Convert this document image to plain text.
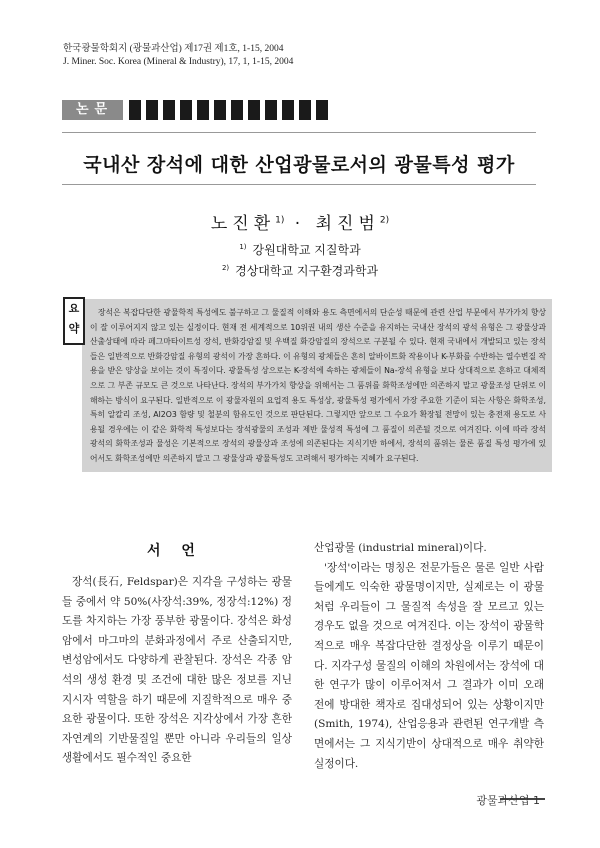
한국광물학회지 (광물과산업) 제17권 제1호, 1-15, 2004
J. Miner. Soc. Korea (Mineral & Industry), 17, 1, 1-15, 2004
논문
국내산 장석에 대한 산업광물로서의 광물특성 평가
노진환$^{1)}$ · 최진범$^{2)}$
$^{1)}$ 강원대학교 지질학과
$^{2)}$ 경상대학교 지구환경과학과
요약
장석은 복잡다단한 광물학적 특성에도 불구하고 그 물질적 이해와 용도 측면에서의 단순성 때문에 관련 산업 부문에서 부가가치 향상이 잘 이루어지지 않고 있는 실정이다. 현재 전 세계적으로 10위권 내의 생산 수준을 유지하는 국내산 장석의 광석 유형은 그 광물상과 산출상태에 따라 페그마타이트성 장석, 반화강암질 및 우백질 화강암질의 장석으로 구분될 수 있다. 현재 국내에서 개발되고 있는 장석들은 일반적으로 반화강암질 유형의 광석이 가장 흔하다. 이 유형의 광체들은 흔히 알바이트화 작용이나 K-부화를 수반하는 열수변질 작용을 받은 양상을 보이는 것이 특징이다. 광물특성 상으로는 K-장석에 속하는 광체들이 Na-장석 유형을 보다 상대적으로 흔하고 대체적으로 그 부존 규모도 큰 것으로 나타난다. 장석의 부가가치 향상을 위해서는 그 품위를 화학조성에만 의존하지 말고 광물조성 단위로 이해하는 방식이 요구된다. 일반적으로 이 광물자원의 요업적 용도 특성상, 광물특성 평가에서 가장 주요한 기준이 되는 사항은 화학조성, 특히 알칼리 조성, Al2O3 함량 및 철분의 함유도인 것으로 판단된다. 그렇지만 앞으로 그 수요가 확장될 전망이 있는 충전재 용도로 사용될 경우에는 이 같은 화학적 특성보다는 장석광물의 조성과 제반 물성적 특성에 그 품질이 의존될 것으로 여겨진다. 이에 따라 장석 광석의 화학조성과 물성은 기본적으로 장석의 광물상과 조성에 의존된다는 지식기반 하에서, 장석의 품위는 물론 품질 특성 평가에 있어서도 화학조성에만 의존하지 말고 그 광물상과 광물특성도 고려해서 평가하는 지혜가 요구된다.
서 언

장석(長石, Feldspar)은 지각을 구성하는 광물들 중에서 약 50%(사장석:39%, 정장석:12%) 정도를 차지하는 가장 풍부한 광물이다. 장석은 화성암에서 마그마의 분화과정에서 주로 산출되지만, 변성암에서도 다양하게 관찰된다. 장석은 각종 암석의 생성 환경 및 조건에 대한 많은 정보를 지닌 지시자 역할을 하기 때문에 지질학적으로 매우 중요한 광물이다. 또한 장석은 지각상에서 가장 흔한 자연계의 기반물질일 뿐만 아니라 우리들의 일상생활에서도 필수적인 중요한

산업광물 (industrial mineral)이다.

'장석'이라는 명칭은 전문가들은 물론 일반 사람들에게도 익숙한 광물명이지만, 실제로는 이 광물처럼 우리들이 그 물질적 속성을 잘 모르고 있는 경우도 없을 것으로 여겨진다. 이는 장석이 광물학적으로 매우 복잡다단한 결정상을 이루기 때문이다. 지각구성 물질의 이해의 차원에서는 장석에 대한 연구가 많이 이루어져서 그 결과가 이미 오래 전에 방대한 책자로 집대성되어 있는 상황이지만(Smith, 1974), 산업응용과 관련된 연구개발 측면에서는 그 지식기반이 상대적으로 매우 취약한 실정이다.

광물과산업 1
